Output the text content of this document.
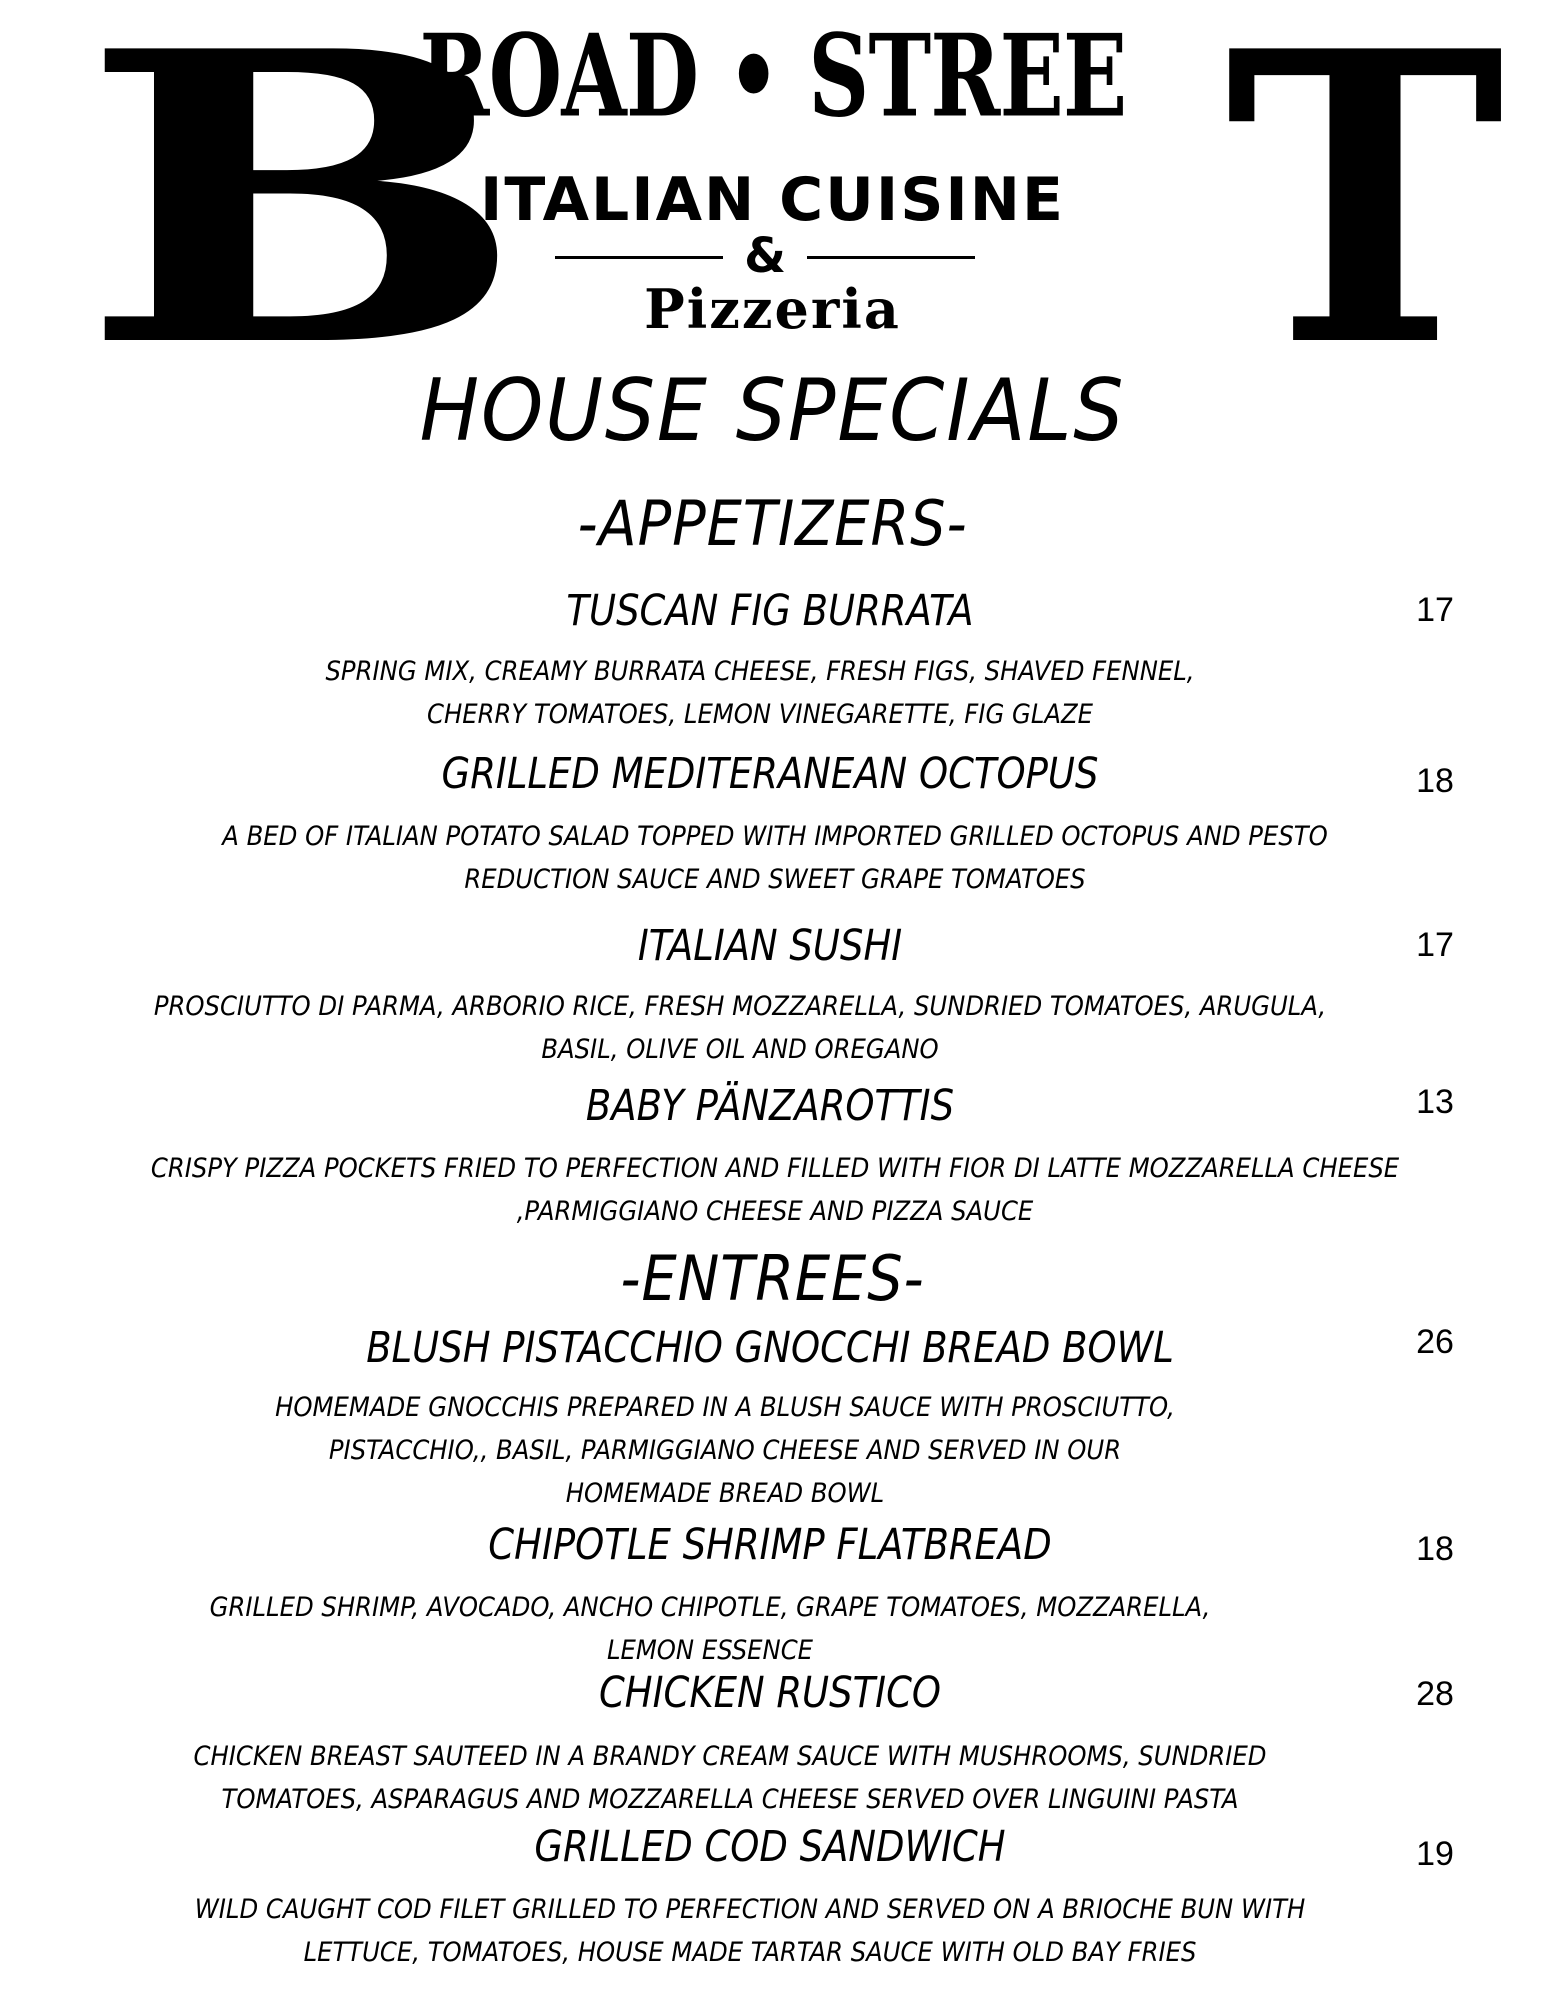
B
ROAD • STREE T
ITALIAN CUISINE
&
Pizzeria
HOUSE SPECIALS
-APPETIZERS-
TUSCAN FIG BURRATA	17
SPRING MIX, CREAMY BURRATA CHEESE, FRESH FIGS, SHAVED FENNEL, CHERRY TOMATOES, LEMON VINEGARETTE, FIG GLAZE
GRILLED MEDITERANEAN OCTOPUS	18
A BED OF ITALIAN POTATO SALAD TOPPED WITH IMPORTED GRILLED OCTOPUS AND PESTO REDUCTION SAUCE AND SWEET GRAPE TOMATOES
ITALIAN SUSHI	17
PROSCIUTTO DI PARMA, ARBORIO RICE, FRESH MOZZARELLA, SUNDRIED TOMATOES, ARUGULA, BASIL, OLIVE OIL AND OREGANO
BABY PÄNZAROTTIS	13
CRISPY PIZZA POCKETS FRIED TO PERFECTION AND FILLED WITH FIOR DI LATTE MOZZARELLA CHEESE ,PARMIGGIANO CHEESE AND PIZZA SAUCE
-ENTREES-
BLUSH PISTACCHIO GNOCCHI BREAD BOWL	26
HOMEMADE GNOCCHIS PREPARED IN A BLUSH SAUCE WITH PROSCIUTTO, PISTACCHIO,, BASIL, PARMIGGIANO CHEESE AND SERVED IN OUR HOMEMADE BREAD BOWL
CHIPOTLE SHRIMP FLATBREAD	18
GRILLED SHRIMP, AVOCADO, ANCHO CHIPOTLE, GRAPE TOMATOES, MOZZARELLA, LEMON ESSENCE
CHICKEN RUSTICO	28
CHICKEN BREAST SAUTEED IN A BRANDY CREAM SAUCE WITH MUSHROOMS, SUNDRIED TOMATOES, ASPARAGUS AND MOZZARELLA CHEESE SERVED OVER LINGUINI PASTA
GRILLED COD SANDWICH	19
WILD CAUGHT COD FILET GRILLED TO PERFECTION AND SERVED ON A BRIOCHE BUN WITH LETTUCE, TOMATOES, HOUSE MADE TARTAR SAUCE WITH OLD BAY FRIES
